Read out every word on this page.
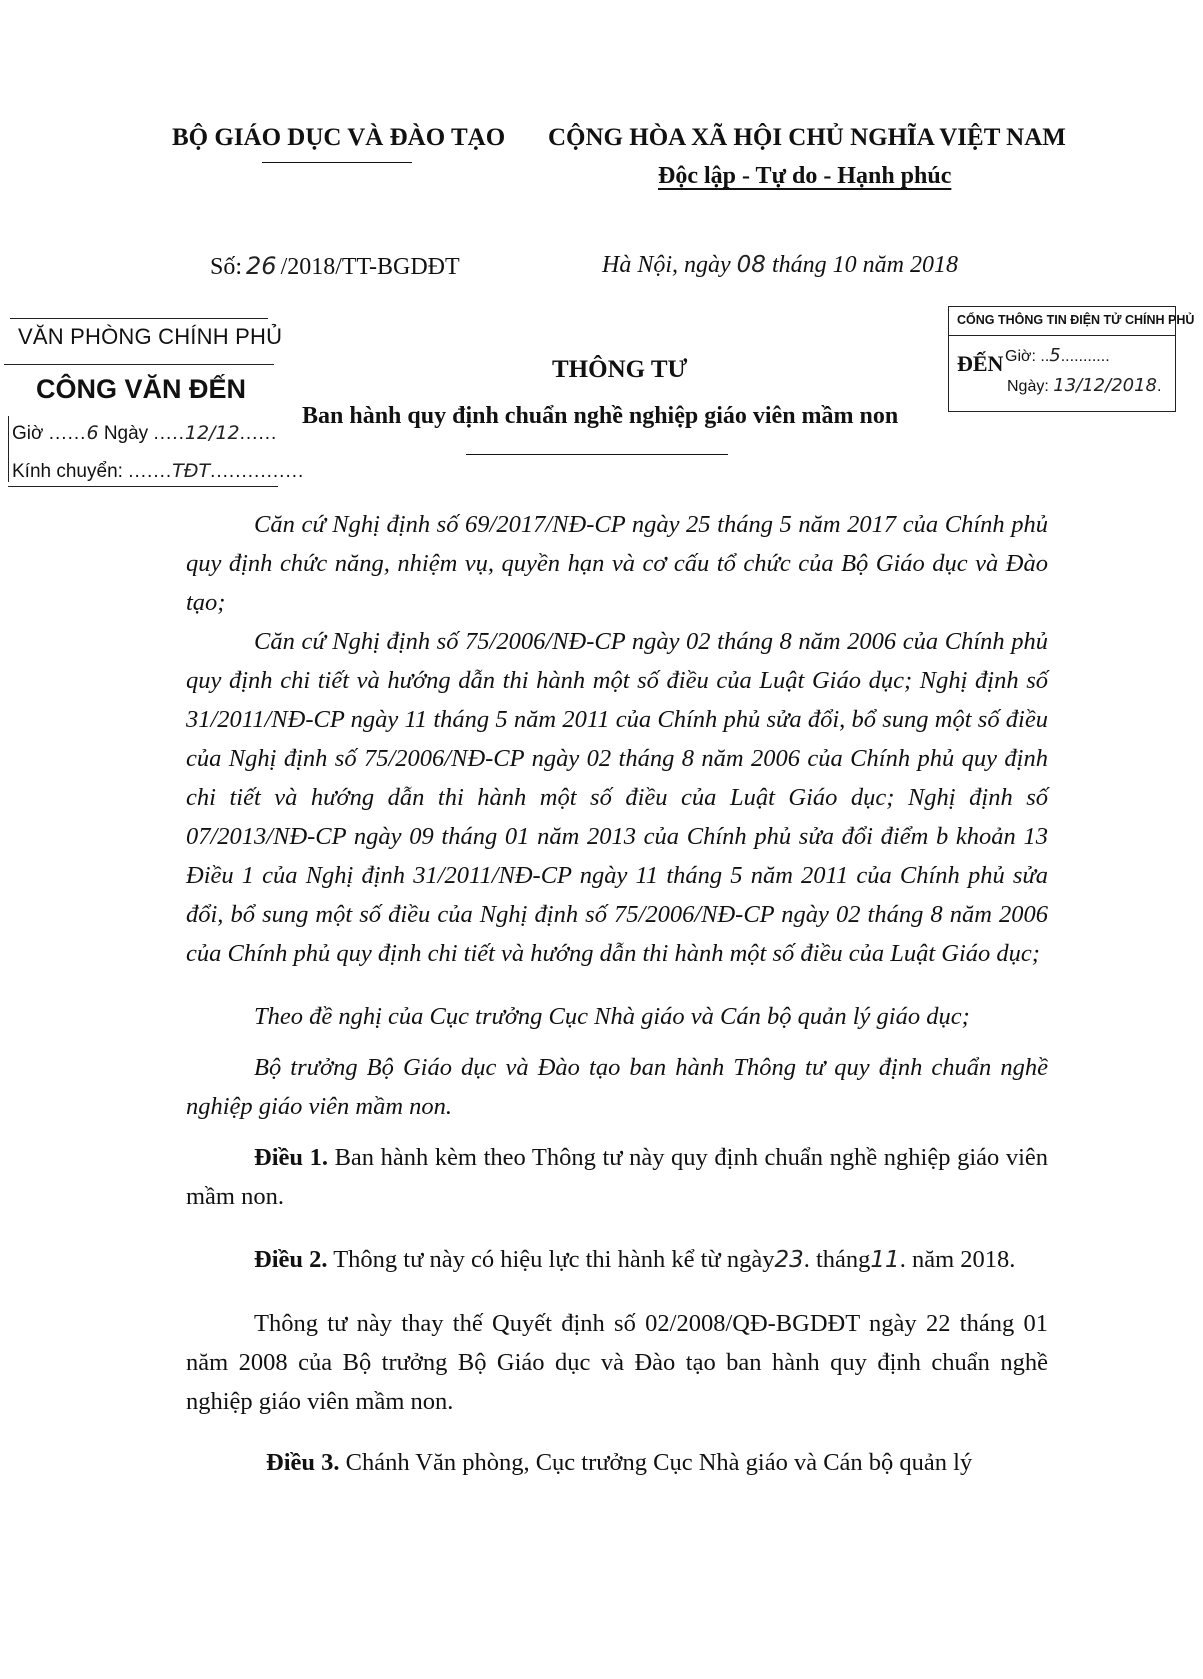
BỘ GIÁO DỤC VÀ ĐÀO TẠO CỘNG HÒA XÃ HỘI CHỦ NGHĨA VIỆT NAM
Độc lập - Tự do - Hạnh phúc
Số: 26 /2018/TT-BGDĐT	Hà Nội, ngày 08 tháng 10 năm 2018
VĂN PHÒNG CHÍNH PHỦ
CÔNG VĂN ĐẾN
Giờ ......6 Ngày .....12/12......
Kính chuyển: .......TĐT...............
CỔNG THÔNG TIN ĐIỆN TỬ CHÍNH PHỦ
ĐẾN Giờ: ..5...........
Ngày: 13/12/2018.
THÔNG TƯ
Ban hành quy định chuẩn nghề nghiệp giáo viên mầm non

Căn cứ Nghị định số 69/2017/NĐ-CP ngày 25 tháng 5 năm 2017 của Chính phủ quy định chức năng, nhiệm vụ, quyền hạn và cơ cấu tổ chức của Bộ Giáo dục và Đào tạo;

Căn cứ Nghị định số 75/2006/NĐ-CP ngày 02 tháng 8 năm 2006 của Chính phủ quy định chi tiết và hướng dẫn thi hành một số điều của Luật Giáo dục; Nghị định số 31/2011/NĐ-CP ngày 11 tháng 5 năm 2011 của Chính phủ sửa đổi, bổ sung một số điều của Nghị định số 75/2006/NĐ-CP ngày 02 tháng 8 năm 2006 của Chính phủ quy định chi tiết và hướng dẫn thi hành một số điều của Luật Giáo dục; Nghị định số 07/2013/NĐ-CP ngày 09 tháng 01 năm 2013 của Chính phủ sửa đổi điểm b khoản 13 Điều 1 của Nghị định 31/2011/NĐ-CP ngày 11 tháng 5 năm 2011 của Chính phủ sửa đổi, bổ sung một số điều của Nghị định số 75/2006/NĐ-CP ngày 02 tháng 8 năm 2006 của Chính phủ quy định chi tiết và hướng dẫn thi hành một số điều của Luật Giáo dục;

Theo đề nghị của Cục trưởng Cục Nhà giáo và Cán bộ quản lý giáo dục;

Bộ trưởng Bộ Giáo dục và Đào tạo ban hành Thông tư quy định chuẩn nghề nghiệp giáo viên mầm non.

Điều 1. Ban hành kèm theo Thông tư này quy định chuẩn nghề nghiệp giáo viên mầm non.

Điều 2. Thông tư này có hiệu lực thi hành kể từ ngày23. tháng11. năm 2018.

Thông tư này thay thế Quyết định số 02/2008/QĐ-BGDĐT ngày 22 tháng 01 năm 2008 của Bộ trưởng Bộ Giáo dục và Đào tạo ban hành quy định chuẩn nghề nghiệp giáo viên mầm non.

Điều 3. Chánh Văn phòng, Cục trưởng Cục Nhà giáo và Cán bộ quản lý
